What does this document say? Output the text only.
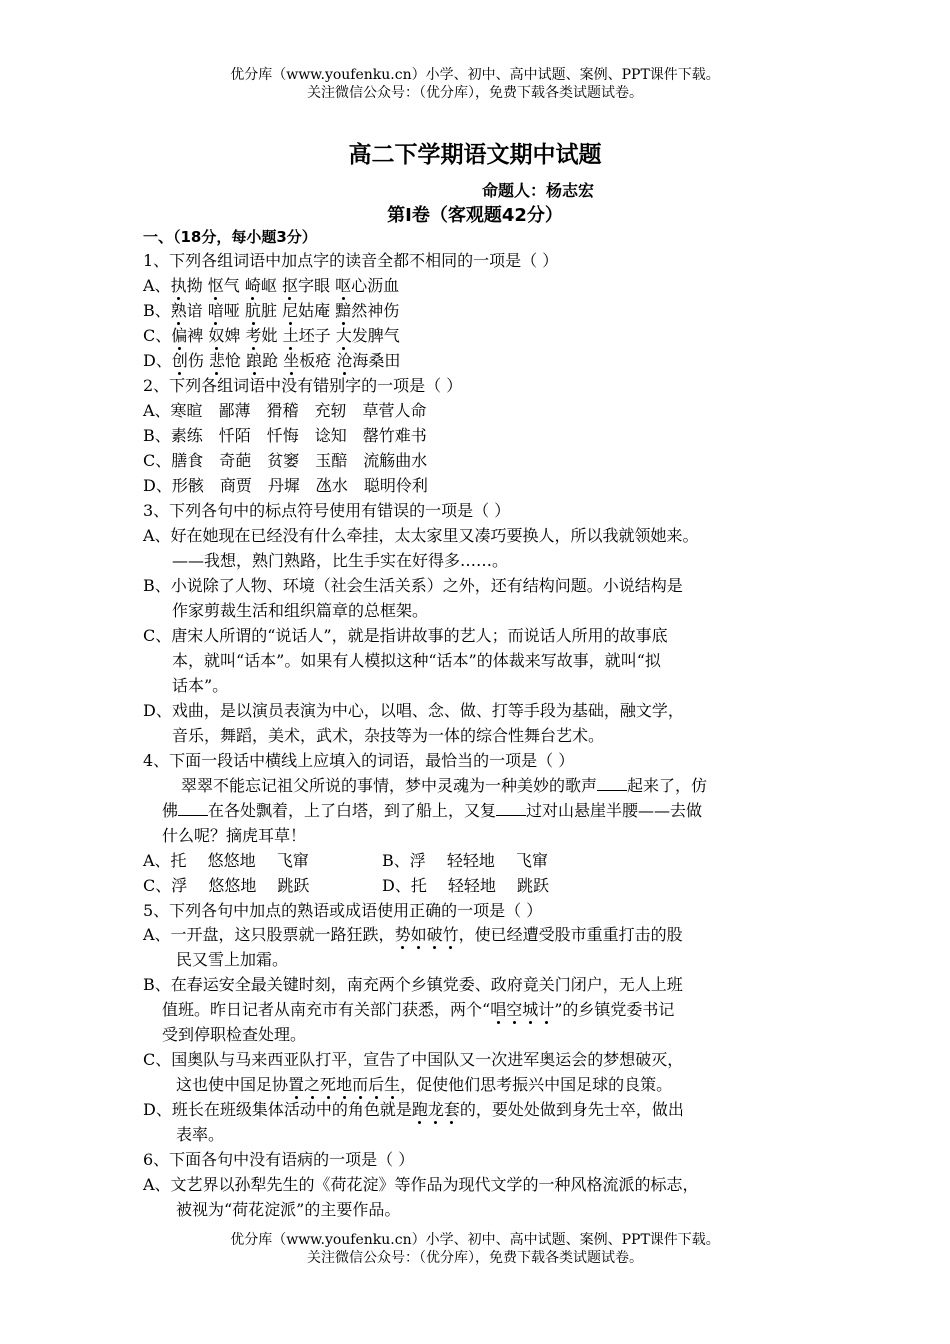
优分库（www.youfenku.cn）小学、初中、高中试题、案例、PPT课件下载。
关注微信公众号：（优分库），免费下载各类试题试卷。
高二下学期语文期中试题
命题人：杨志宏
第Ⅰ卷（客观题42分）
一、（18分，每小题3分）
1、下列各组词语中加点字的读音全都不相同的一项是（ ）
A、执拗 怄气 崎岖 抠字眼 呕心沥血
B、熟谙 喑哑 肮脏 尼姑庵 黯然神伤
C、偏裨 奴婢 考妣 土坯子 大发脾气
D、创伤 悲怆 踉跄 坐板疮 沧海桑田
2、下列各组词语中没有错别字的一项是（ ）
A、寒暄　鄙薄　猾稽　充轫　草菅人命
B、素练　忏陌　忏悔　谂知　罄竹难书
C、膳食　奇葩　贫窭　玉醅　流觞曲水
D、形骸　商贾　丹墀　氹水　聪明伶利
3、下列各句中的标点符号使用有错误的一项是（ ）
A、好在她现在已经没有什么牵挂，太太家里又凑巧要换人，所以我就领她来。
——我想，熟门熟路，比生手实在好得多……。
B、小说除了人物、环境（社会生活关系）之外，还有结构问题。小说结构是
作家剪裁生活和组织篇章的总框架。
C、唐宋人所谓的“说话人”，就是指讲故事的艺人；而说话人所用的故事底
本，就叫“话本”。如果有人模拟这种“话本”的体裁来写故事，就叫“拟
话本”。
D、戏曲，是以演员表演为中心，以唱、念、做、打等手段为基础，融文学，
音乐，舞蹈，美术，武术，杂技等为一体的综合性舞台艺术。
4、下面一段话中横线上应填入的词语，最恰当的一项是（ ）
翠翠不能忘记祖父所说的事情，梦中灵魂为一种美妙的歌声 起来了，仿
佛 在各处飘着，上了白塔，到了船上，又复 过对山悬崖半腰——去做
什么呢？摘虎耳草！
A、托　 悠悠地　 飞窜	B、浮　 轻轻地　 飞窜
C、浮　 悠悠地　 跳跃	D、托　 轻轻地　 跳跃
5、下列各句中加点的熟语或成语使用正确的一项是（ ）
A、一开盘，这只股票就一路狂跌，势如破竹，使已经遭受股市重重打击的股
民又雪上加霜。
B、在春运安全最关键时刻，南充两个乡镇党委、政府竟关门闭户，无人上班
值班。昨日记者从南充市有关部门获悉，两个“唱空城计”的乡镇党委书记
受到停职检查处理。
C、国奥队与马来西亚队打平，宣告了中国队又一次进军奥运会的梦想破灭，
这也使中国足协置之死地而后生，促使他们思考振兴中国足球的良策。
D、班长在班级集体活动中的角色就是跑龙套的，要处处做到身先士卒，做出
表率。
6、下面各句中没有语病的一项是（ ）
A、文艺界以孙犁先生的《荷花淀》等作品为现代文学的一种风格流派的标志，
被视为“荷花淀派”的主要作品。
优分库（www.youfenku.cn）小学、初中、高中试题、案例、PPT课件下载。
关注微信公众号：（优分库），免费下载各类试题试卷。
